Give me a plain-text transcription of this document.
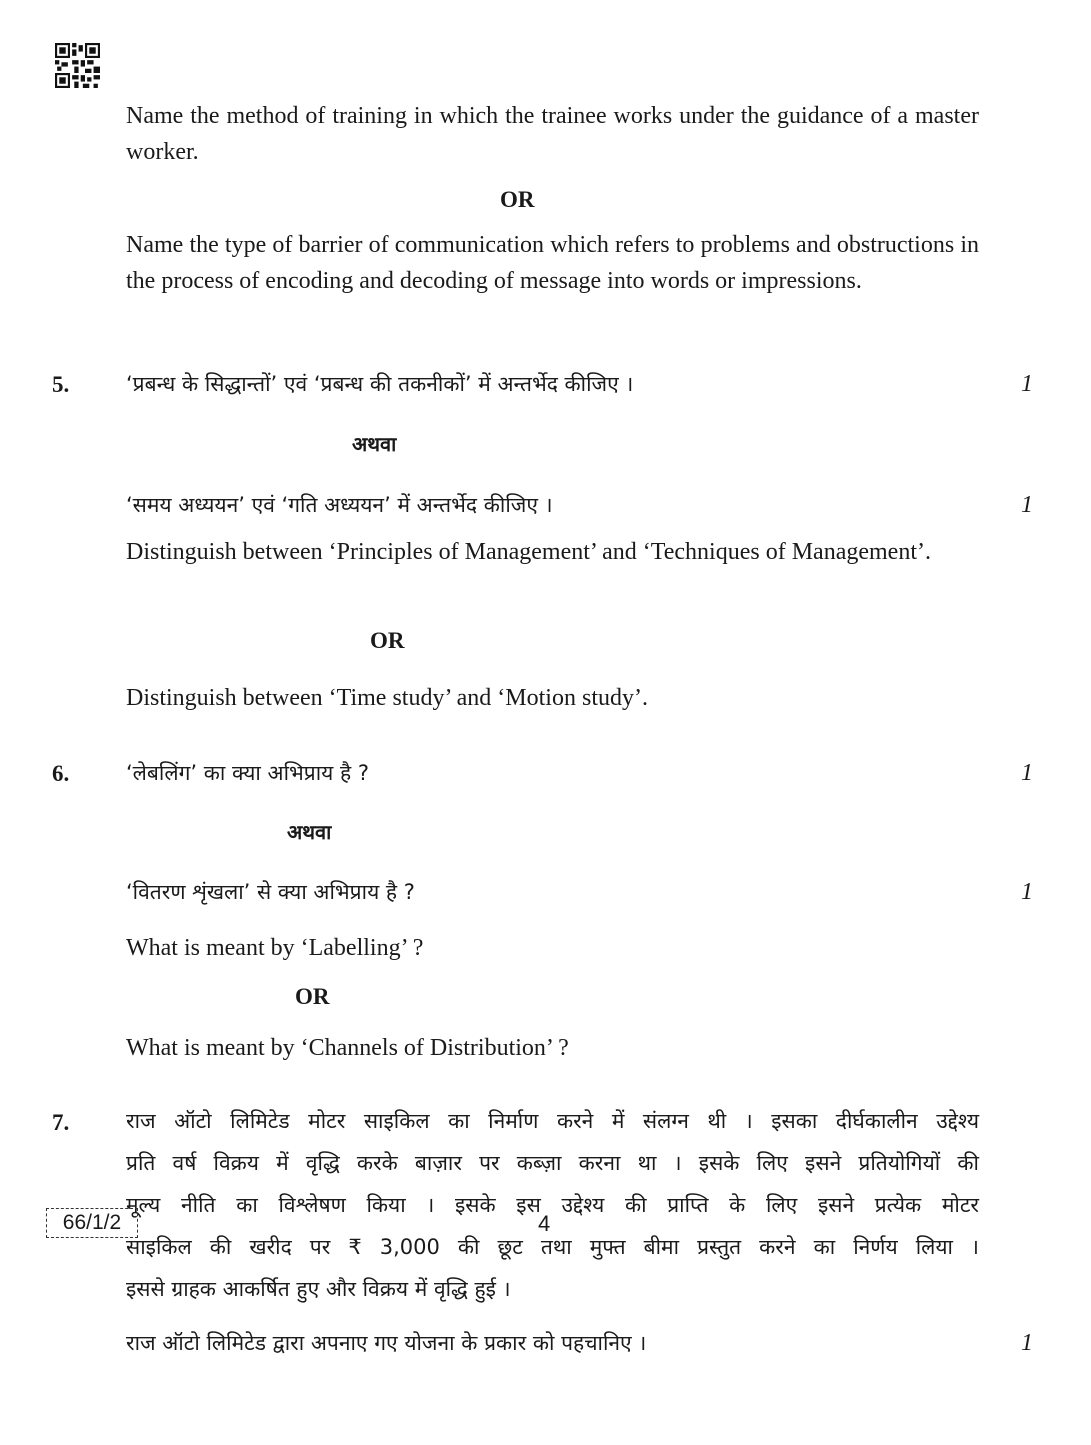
Name the method of training in which the trainee works under the guidance of a master worker.
OR
Name the type of barrier of communication which refers to problems and obstructions in the process of encoding and decoding of message into words or impressions.
5.	‘प्रबन्ध के सिद्धान्तों’ एवं ‘प्रबन्ध की तकनीकों’ में अन्तर्भेद कीजिए ।	1
अथवा
‘समय अध्ययन’ एवं ‘गति अध्ययन’ में अन्तर्भेद कीजिए ।	1
Distinguish between ‘Principles of Management’ and ‘Techniques of Management’.
OR
Distinguish between ‘Time study’ and ‘Motion study’.
6.	‘लेबलिंग’ का क्या अभिप्राय है ?	1
अथवा
‘वितरण शृंखला’ से क्या अभिप्राय है ?	1
What is meant by ‘Labelling’ ?
OR
What is meant by ‘Channels of Distribution’ ?
7.	राज ऑटो लिमिटेड मोटर साइकिल का निर्माण करने में संलग्न थी । इसका दीर्घकालीन उद्देश्य
प्रति वर्ष विक्रय में वृद्धि करके बाज़ार पर कब्ज़ा करना था । इसके लिए इसने प्रतियोगियों की
मूल्य नीति का विश्लेषण किया । इसके इस उद्देश्य की प्राप्ति के लिए इसने प्रत्येक मोटर
साइकिल की खरीद पर ₹ 3,000 की छूट तथा मुफ्त बीमा प्रस्तुत करने का निर्णय लिया ।
इससे ग्राहक आकर्षित हुए और विक्रय में वृद्धि हुई ।
राज ऑटो लिमिटेड द्वारा अपनाए गए योजना के प्रकार को पहचानिए ।	1
66/1/2	4
